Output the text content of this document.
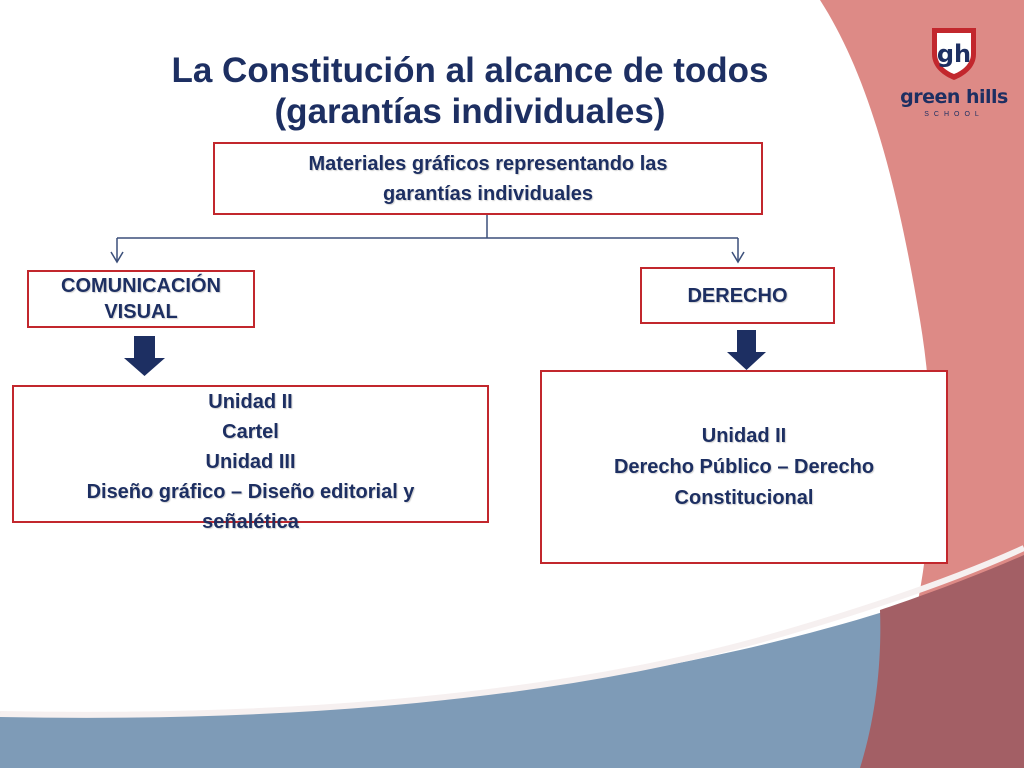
La Constitución al alcance de todos
(garantías individuales)
gh
green hills
SCHOOL
Materiales gráficos representando las
garantías individuales
COMUNICACIÓN
VISUAL
DERECHO
Unidad II
Cartel
Unidad III
Diseño gráfico – Diseño editorial y
señalética
Unidad II
Derecho Público – Derecho
Constitucional
